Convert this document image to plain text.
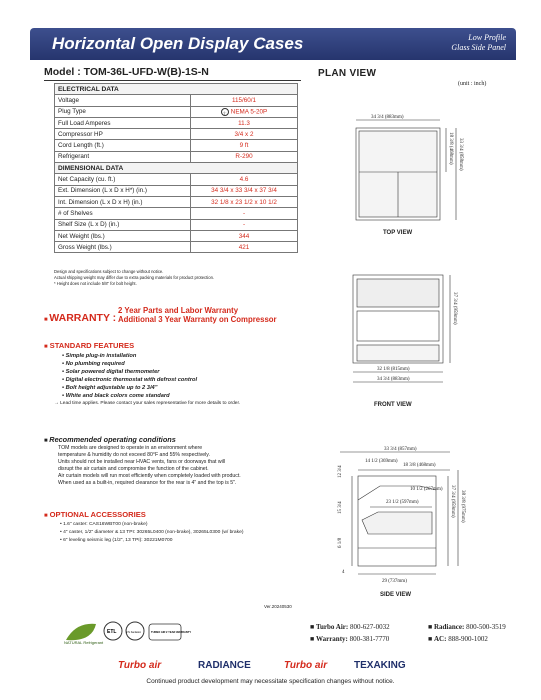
Horizontal Open Display Cases	Low Profile
Glass Side Panel
Model : TOM-36L-UFD-W(B)-1S-N	PLAN VIEW
(unit : inch)
ELECTRICAL DATA	
Voltage	115/60/1
Plug Type	·|· NEMA 5-20P
Full Load Amperes	11.3
Compressor HP	3/4 x 2
Cord Length (ft.)	9 ft
Refrigerant	R-290
DIMENSIONAL DATA	
Net Capacity (cu. ft.)	4.6
Ext. Dimension (L x D x H*) (in.)	34 3/4 x 33 3/4 x 37 3/4
Int. Dimension (L x D x H) (in.)	32 1/8 x 23 1/2 x 10 1/2
# of Shelves	-
Shelf Size (L x D) (in.)	-
Net Weight (lbs.)	344
Gross Weight (lbs.)	421
Design and specifications subject to change without notice.
Actual shipping weight may differ due to extra packing materials for product protection.
* Height does not include 5/8" for bolt height.
■ WARRANTY :
2 Year Parts and Labor Warranty
Additional 3 Year Warranty on Compressor
■ STANDARD FEATURES
• Simple plug-in installation
• No plumbing required
• Solar powered digital thermometer
• Digital electronic thermostat with defrost control
• Bolt height adjustable up to 2 3/4"
• White and black colors come standard
→ Lead time applies. Please contact your sales representative for more details to order.
■ Recommended operating conditions
TOM models are designed to operate in an environment where
temperature & humidity do not exceed 80°F and 55% respectively.
Units should not be installed near HVAC vents, fans or doorways that will
disrupt the air curtain and compromise the function of the cabinet.
Air curtain models will run most efficiently when completely loaded with product.
When used as a built-in, required clearance for the rear is 4" and the top is 5".
■ OPTIONAL ACCESSORIES
• 1.6" caster: CAS16WBT00 (non-brake)
• 4" caster, 1/2" diameter & 13 TPI: 30265L0400 (non-brake), 30265L0300 (w/ brake)
• 6" leveling seismic leg (1/2", 13 TPI): 30221M0700
Ver.20240530
34 3/4 (883mm)
18 3/8 (468mm) 33 3/4 (858mm)
TOP VIEW
37 3/4 (959mm)
32 1/8 (815mm)
34 3/4 (883mm)
FRONT VIEW
33 3/4 (857mm)
14 1/2 (369mm)
18 3/8 (468mm)
23 1/2 (597mm)
10 1/2 (267mm)
12 3/4
15 3/4
6 1/8
4
37 3/4 (959mm) 38 3/8 (975mm)
29 (737mm)
SIDE VIEW
NATURAL Refrigerant
ETL	ETL Sanitation	TURBO AIR 2 YEAR WARRANTY
■ Turbo Air: 800-627-0032	■ Radiance: 800-500-3519
■ Warranty: 800-381-7770	■ AC: 888-900-1002
Turbo air	RADIANCE	Turbo air	TEXAKING
Continued product development may necessitate specification changes without notice.
